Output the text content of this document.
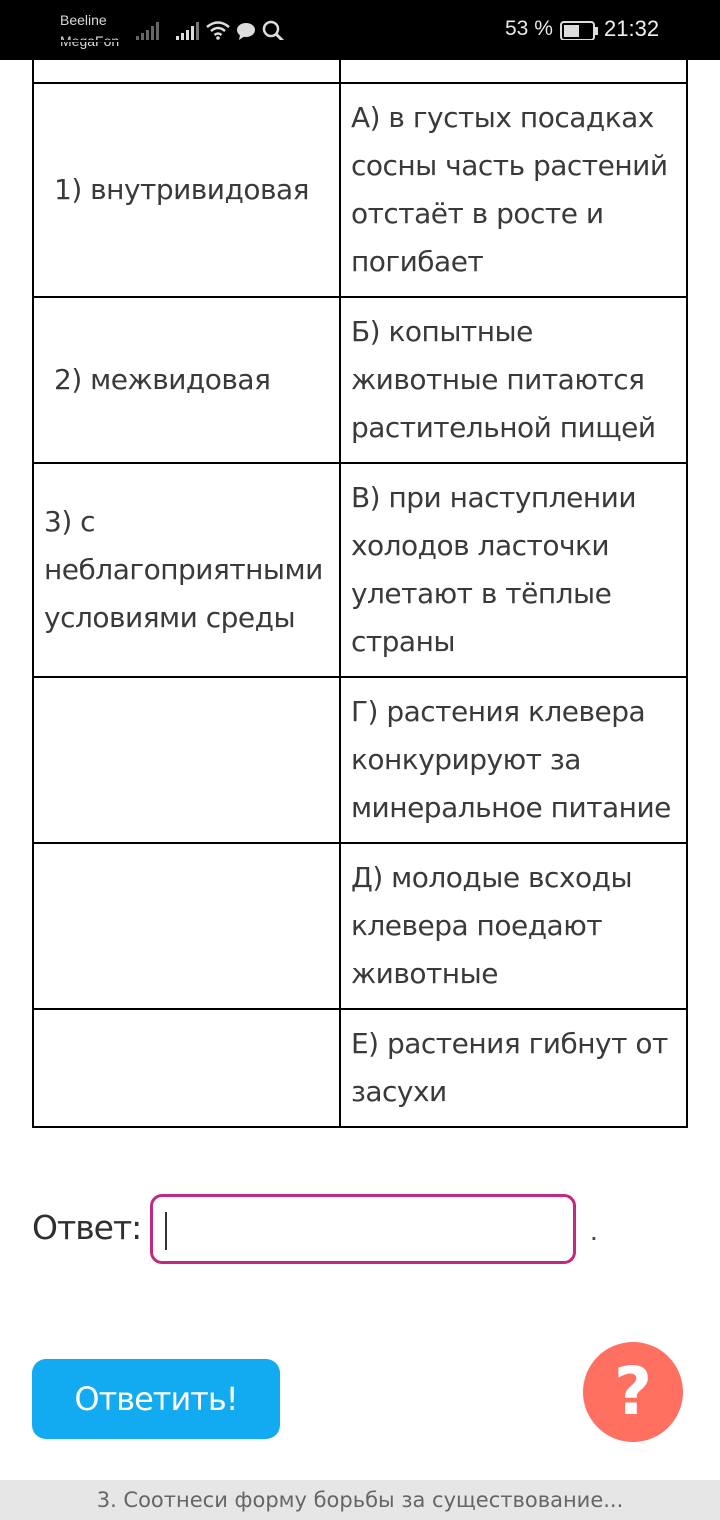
Beeline
MegaFon
53 % 21:32

1) внутривидовая	А) в густых посадках сосны часть растений отстаёт в росте и погибает

2) межвидовая	Б) копытные животные питаются растительной пищей

3) с неблагоприятными условиями среды	В) при наступлении холодов ласточки улетают в тёплые страны

	Г) растения клевера конкурируют за минеральное питание

	Д) молодые всходы клевера поедают животные

	Е) растения гибнут от засухи
Ответ:	.
Ответить!	?
3. Соотнеси форму борьбы за существование...
